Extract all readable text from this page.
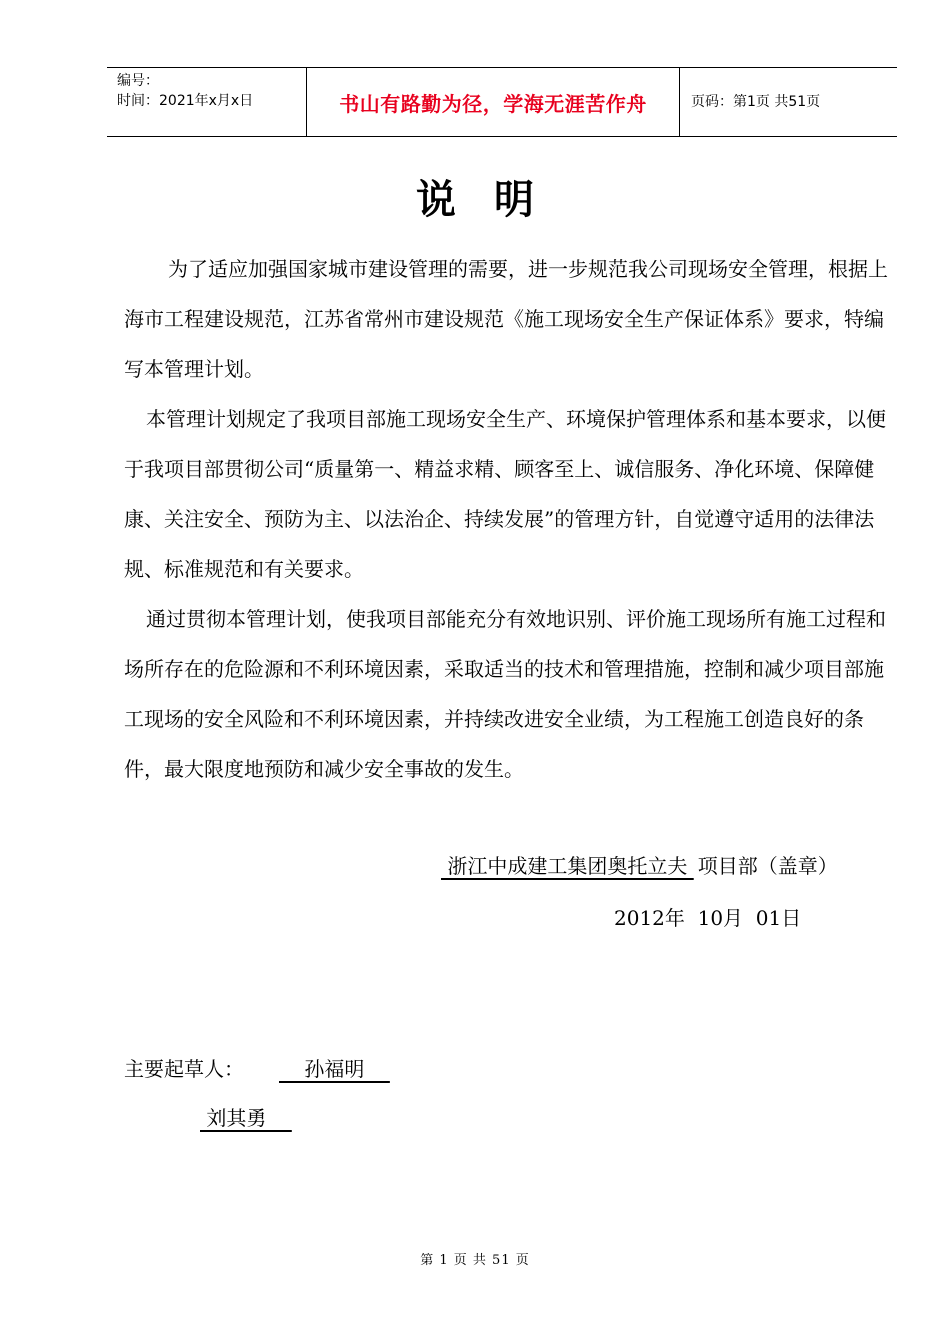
编号：
时间：2021年x月x日	书山有路勤为径，学海无涯苦作舟	页码：第1页 共51页
说明
为了适应加强国家城市建设管理的需要，进一步规范我公司现场安全管理，根据上海市工程建设规范，江苏省常州市建设规范《施工现场安全生产保证体系》要求，特编写本管理计划。
本管理计划规定了我项目部施工现场安全生产、环境保护管理体系和基本要求，以便于我项目部贯彻公司“质量第一、精益求精、顾客至上、诚信服务、净化环境、保障健康、关注安全、预防为主、以法治企、持续发展”的管理方针，自觉遵守适用的法律法规、标准规范和有关要求。
通过贯彻本管理计划，使我项目部能充分有效地识别、评价施工现场所有施工过程和场所存在的危险源和不利环境因素，采取适当的技术和管理措施，控制和减少项目部施工现场的安全风险和不利环境因素，并持续改进安全业绩，为工程施工创造良好的条件，最大限度地预防和减少安全事故的发生。
浙江中成建工集团奥托立夫 项目部（盖章）
2012年  10月  01日
主要起草人： 孙福明
刘其勇
第 1 页 共 51 页
